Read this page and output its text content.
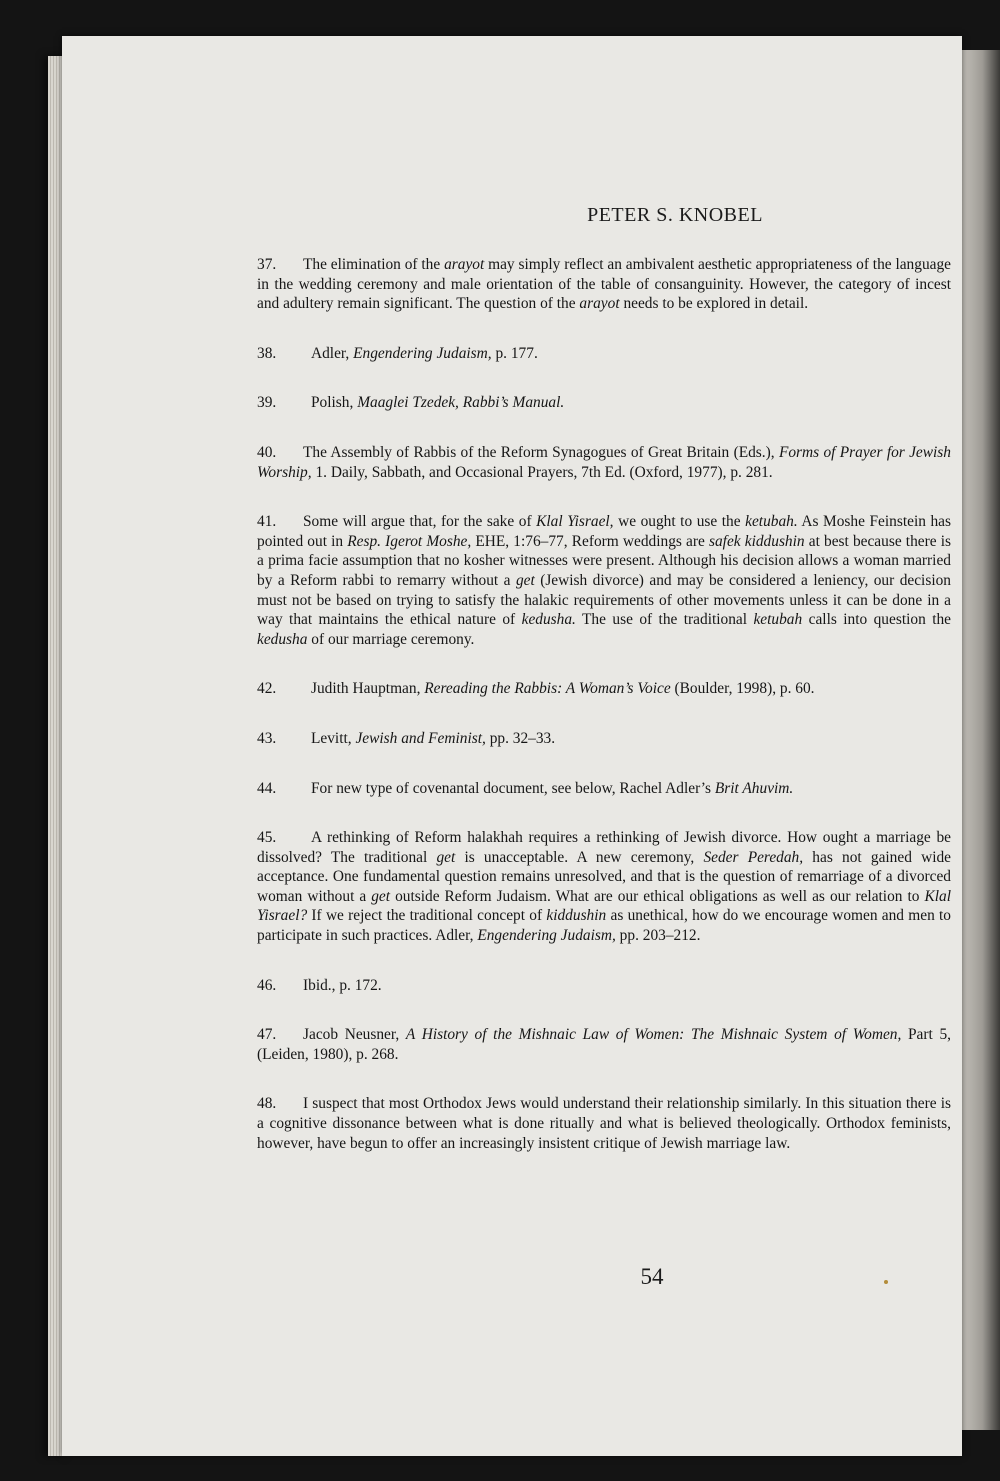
PETER S. KNOBEL

37. The elimination of the arayot may simply reflect an ambivalent aesthetic appropriateness of the language in the wedding ceremony and male orientation of the table of consanguinity. However, the category of incest and adultery remain significant. The question of the arayot needs to be explored in detail.

38. Adler, Engendering Judaism, p. 177.

39. Polish, Maaglei Tzedek, Rabbi’s Manual.

40. The Assembly of Rabbis of the Reform Synagogues of Great Britain (Eds.), Forms of Prayer for Jewish Worship, 1. Daily, Sabbath, and Occasional Prayers, 7th Ed. (Oxford, 1977), p. 281.

41. Some will argue that, for the sake of Klal Yisrael, we ought to use the ketubah. As Moshe Feinstein has pointed out in Resp. Igerot Moshe, EHE, 1:76–77, Reform weddings are safek kiddushin at best because there is a prima facie assumption that no kosher witnesses were present. Although his decision allows a woman married by a Reform rabbi to remarry without a get (Jewish divorce) and may be considered a leniency, our decision must not be based on trying to satisfy the halakic requirements of other movements unless it can be done in a way that maintains the ethical nature of kedusha. The use of the traditional ketubah calls into question the kedusha of our marriage ceremony.

42. Judith Hauptman, Rereading the Rabbis: A Woman’s Voice (Boulder, 1998), p. 60.

43. Levitt, Jewish and Feminist, pp. 32–33.

44. For new type of covenantal document, see below, Rachel Adler’s Brit Ahuvim.

45. A rethinking of Reform halakhah requires a rethinking of Jewish divorce. How ought a marriage be dissolved? The traditional get is unacceptable. A new ceremony, Seder Peredah, has not gained wide acceptance. One fundamental question remains unresolved, and that is the question of remarriage of a divorced woman without a get outside Reform Judaism. What are our ethical obligations as well as our relation to Klal Yisrael? If we reject the traditional concept of kiddushin as unethical, how do we encourage women and men to participate in such practices. Adler, Engendering Judaism, pp. 203–212.

46. Ibid., p. 172.

47. Jacob Neusner, A History of the Mishnaic Law of Women: The Mishnaic System of Women, Part 5, (Leiden, 1980), p. 268.

48. I suspect that most Orthodox Jews would understand their relationship similarly. In this situation there is a cognitive dissonance between what is done ritually and what is believed theologically. Orthodox feminists, however, have begun to offer an increasingly insistent critique of Jewish marriage law.

54
